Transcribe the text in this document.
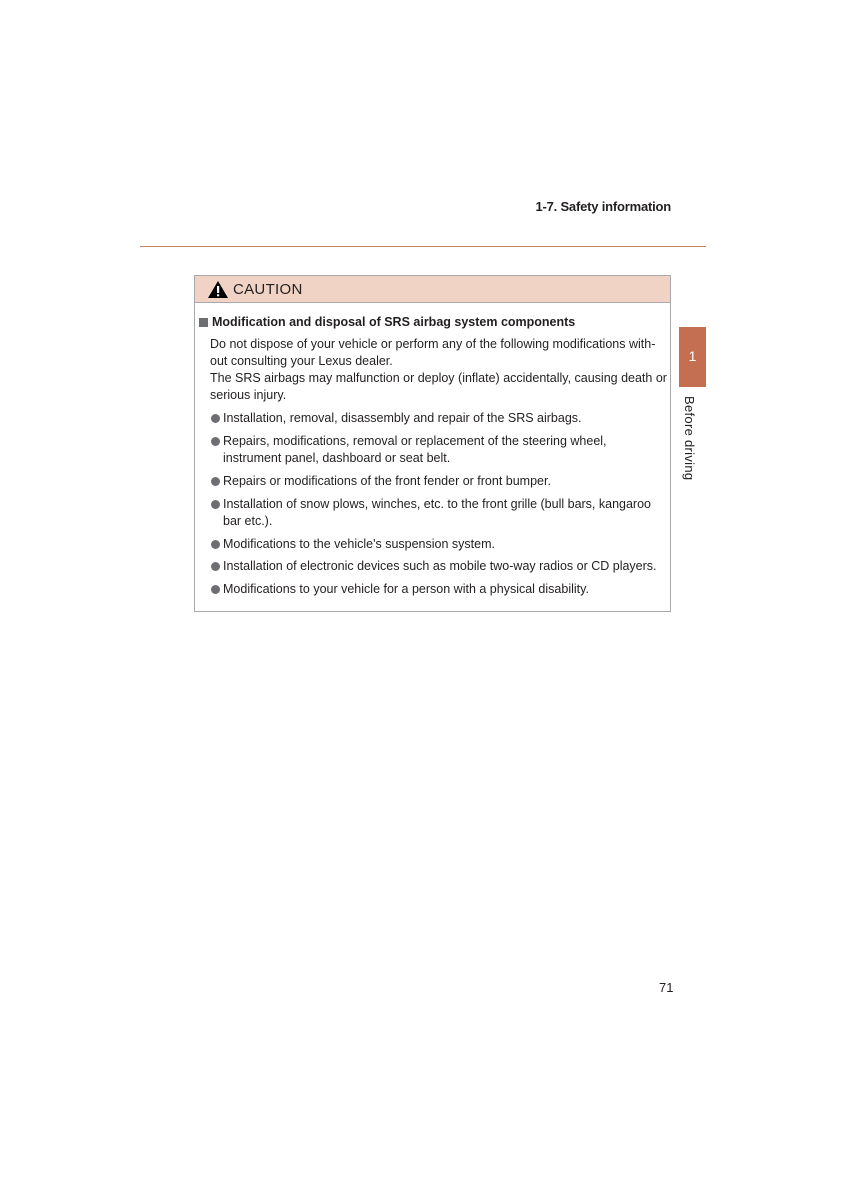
1-7. Safety information
1
Before driving
CAUTION
Modification and disposal of SRS airbag system components
Do not dispose of your vehicle or perform any of the following modifications with-out consulting your Lexus dealer.
The SRS airbags may malfunction or deploy (inflate) accidentally, causing death or serious injury.
Installation, removal, disassembly and repair of the SRS airbags.
Repairs, modifications, removal or replacement of the steering wheel, instrument panel, dashboard or seat belt.
Repairs or modifications of the front fender or front bumper.
Installation of snow plows, winches, etc. to the front grille (bull bars, kangaroo bar etc.).
Modifications to the vehicle's suspension system.
Installation of electronic devices such as mobile two-way radios or CD players.
Modifications to your vehicle for a person with a physical disability.
71
